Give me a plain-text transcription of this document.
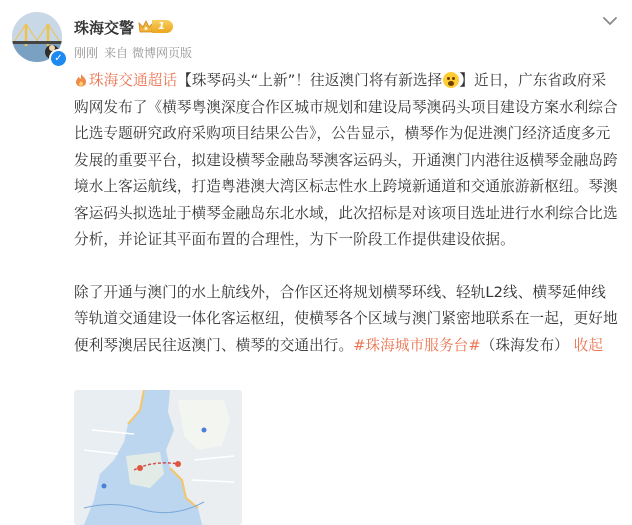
✓
珠海交警	1
刚刚 来自 微博网页版

珠海交通超话【珠琴码头“上新”！往返澳门将有新选择 】近日，广东省政府采购网发布了《横琴粤澳深度合作区城市规划和建设局琴澳码头项目建设方案水利综合比选专题研究政府采购项目结果公告》，公告显示，横琴作为促进澳门经济适度多元发展的重要平台，拟建设横琴金融岛琴澳客运码头，开通澳门内港往返横琴金融岛跨境水上客运航线，打造粤港澳大湾区标志性水上跨境新通道和交通旅游新枢纽。琴澳客运码头拟选址于横琴金融岛东北水域，此次招标是对该项目选址进行水利综合比选分析，并论证其平面布置的合理性，为下一阶段工作提供建设依据。

除了开通与澳门的水上航线外，合作区还将规划横琴环线、轻轨L2线、横琴延伸线等轨道交通建设一体化客运枢纽，使横琴各个区域与澳门紧密地联系在一起，更好地便利琴澳居民往返澳门、横琴的交通出行。#珠海城市服务台#（珠海发布） 收起
